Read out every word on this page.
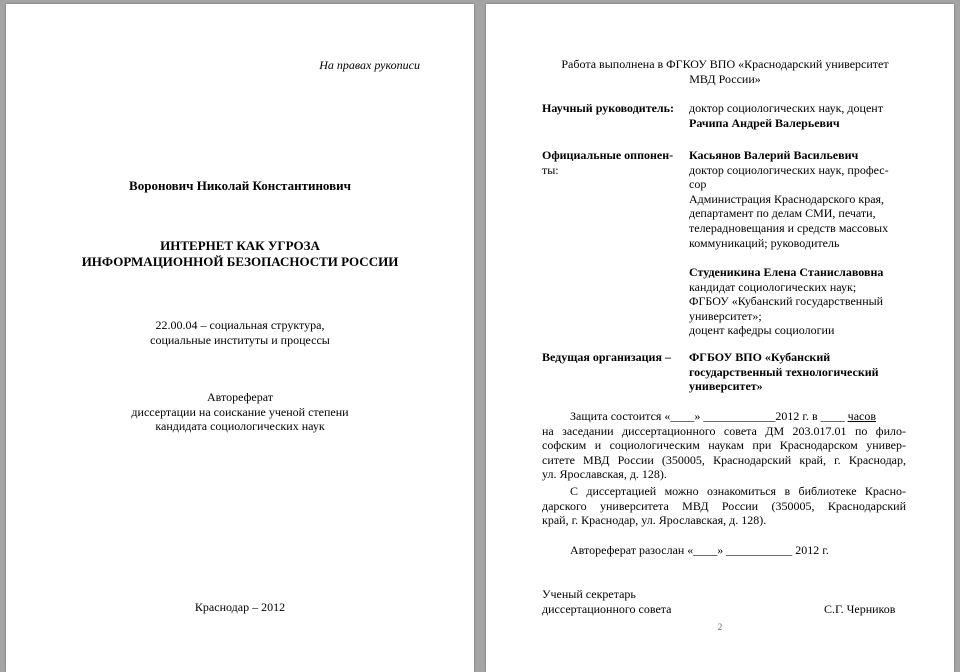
На правах рукописи
Воронович Николай Константинович
ИНТЕРНЕТ КАК УГРОЗА
ИНФОРМАЦИОННОЙ БЕЗОПАСНОСТИ РОССИИ
22.00.04 – социальная структура,
социальные институты и процессы
Автореферат
диссертации на соискание ученой степени
кандидата социологических наук
Краснодар – 2012
Работа выполнена в ФГКОУ ВПО «Краснодарский университет
МВД России»
Научный руководитель: доктор социологических наук, доцент
Рачипа Андрей Валерьевич
Официальные оппонен-
ты:
Касьянов Валерий Васильевич
доктор социологических наук, профес-
сор
Администрация Краснодарского края,
департамент по делам СМИ, печати,
телерадновещания и средств массовых
коммуникаций; руководитель
Студеникина Елена Станиславовна
кандидат социологических наук;
ФГБОУ «Кубанский государственный
университет»;
доцент кафедры социологии
Ведущая организация – ФГБОУ ВПО «Кубанский
государственный технологический
университет»
Защита состоится «____» ____________2012 г. в ____ часов
на заседании диссертационного совета ДМ 203.017.01 по фило-
софским и социологическим наукам при Краснодарском универ-
ситете МВД России (350005, Краснодарский край, г. Краснодар,
ул. Ярославская, д. 128).
С диссертацией можно ознакомиться в библиотеке Красно-
дарского университета МВД России (350005, Краснодарский
край, г. Краснодар, ул. Ярославская, д. 128).
Автореферат разослан «____» ___________ 2012 г.
Ученый секретарь
диссертационного совета	С.Г. Черников
2
